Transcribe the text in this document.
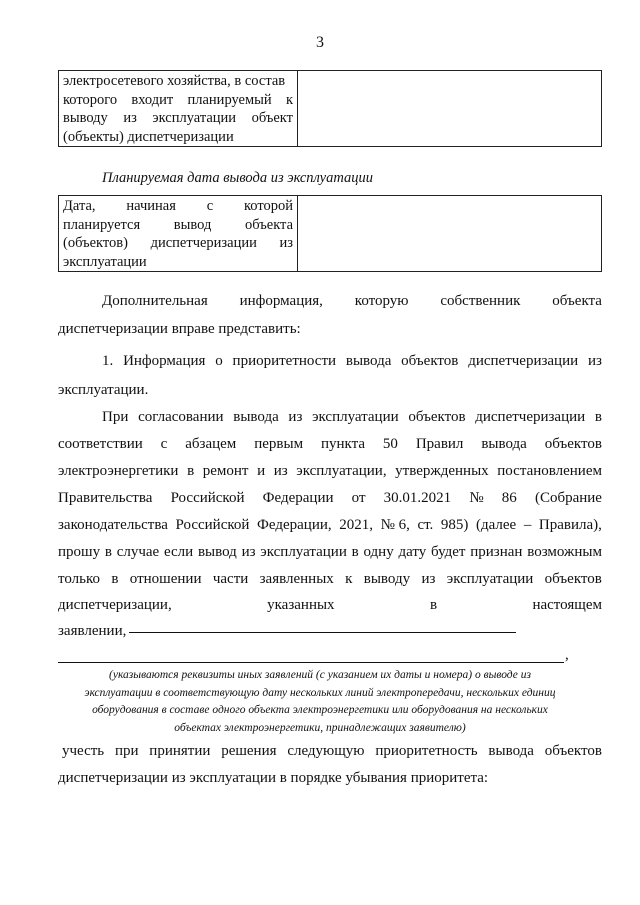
3
электросетевого хозяйства, в состав
которого входит планируемый к
выводу из эксплуатации объект
(объекты) диспетчеризации

Планируемая дата вывода из эксплуатации
Дата, начиная с которой
планируется вывод объекта
(объектов) диспетчеризации из
эксплуатации

Дополнительная информация, которую собственник объекта
диспетчеризации вправе представить:
1. Информация о приоритетности вывода объектов диспетчеризации из
эксплуатации.
При согласовании вывода из эксплуатации объектов диспетчеризации в
соответствии с абзацем первым пункта 50 Правил вывода объектов
электроэнергетики в ремонт и из эксплуатации, утвержденных постановлением
Правительства Российской Федерации от 30.01.2021 № 86 (Собрание
законодательства Российской Федерации, 2021, № 6, ст. 985) (далее – Правила),
прошу в случае если вывод из эксплуатации в одну дату будет признан возможным
только в отношении части заявленных к выводу из эксплуатации объектов
диспетчеризации,	указанных	в	настоящем
заявлении,
,
(указываются реквизиты иных заявлений (с указанием их даты и номера) о выводе из
эксплуатации в соответствующую дату нескольких линий электропередачи, нескольких единиц
оборудования в составе одного объекта электроэнергетики или оборудования на нескольких
объектах электроэнергетики, принадлежащих заявителю)
учесть при принятии решения следующую приоритетность вывода объектов
диспетчеризации из эксплуатации в порядке убывания приоритета:
